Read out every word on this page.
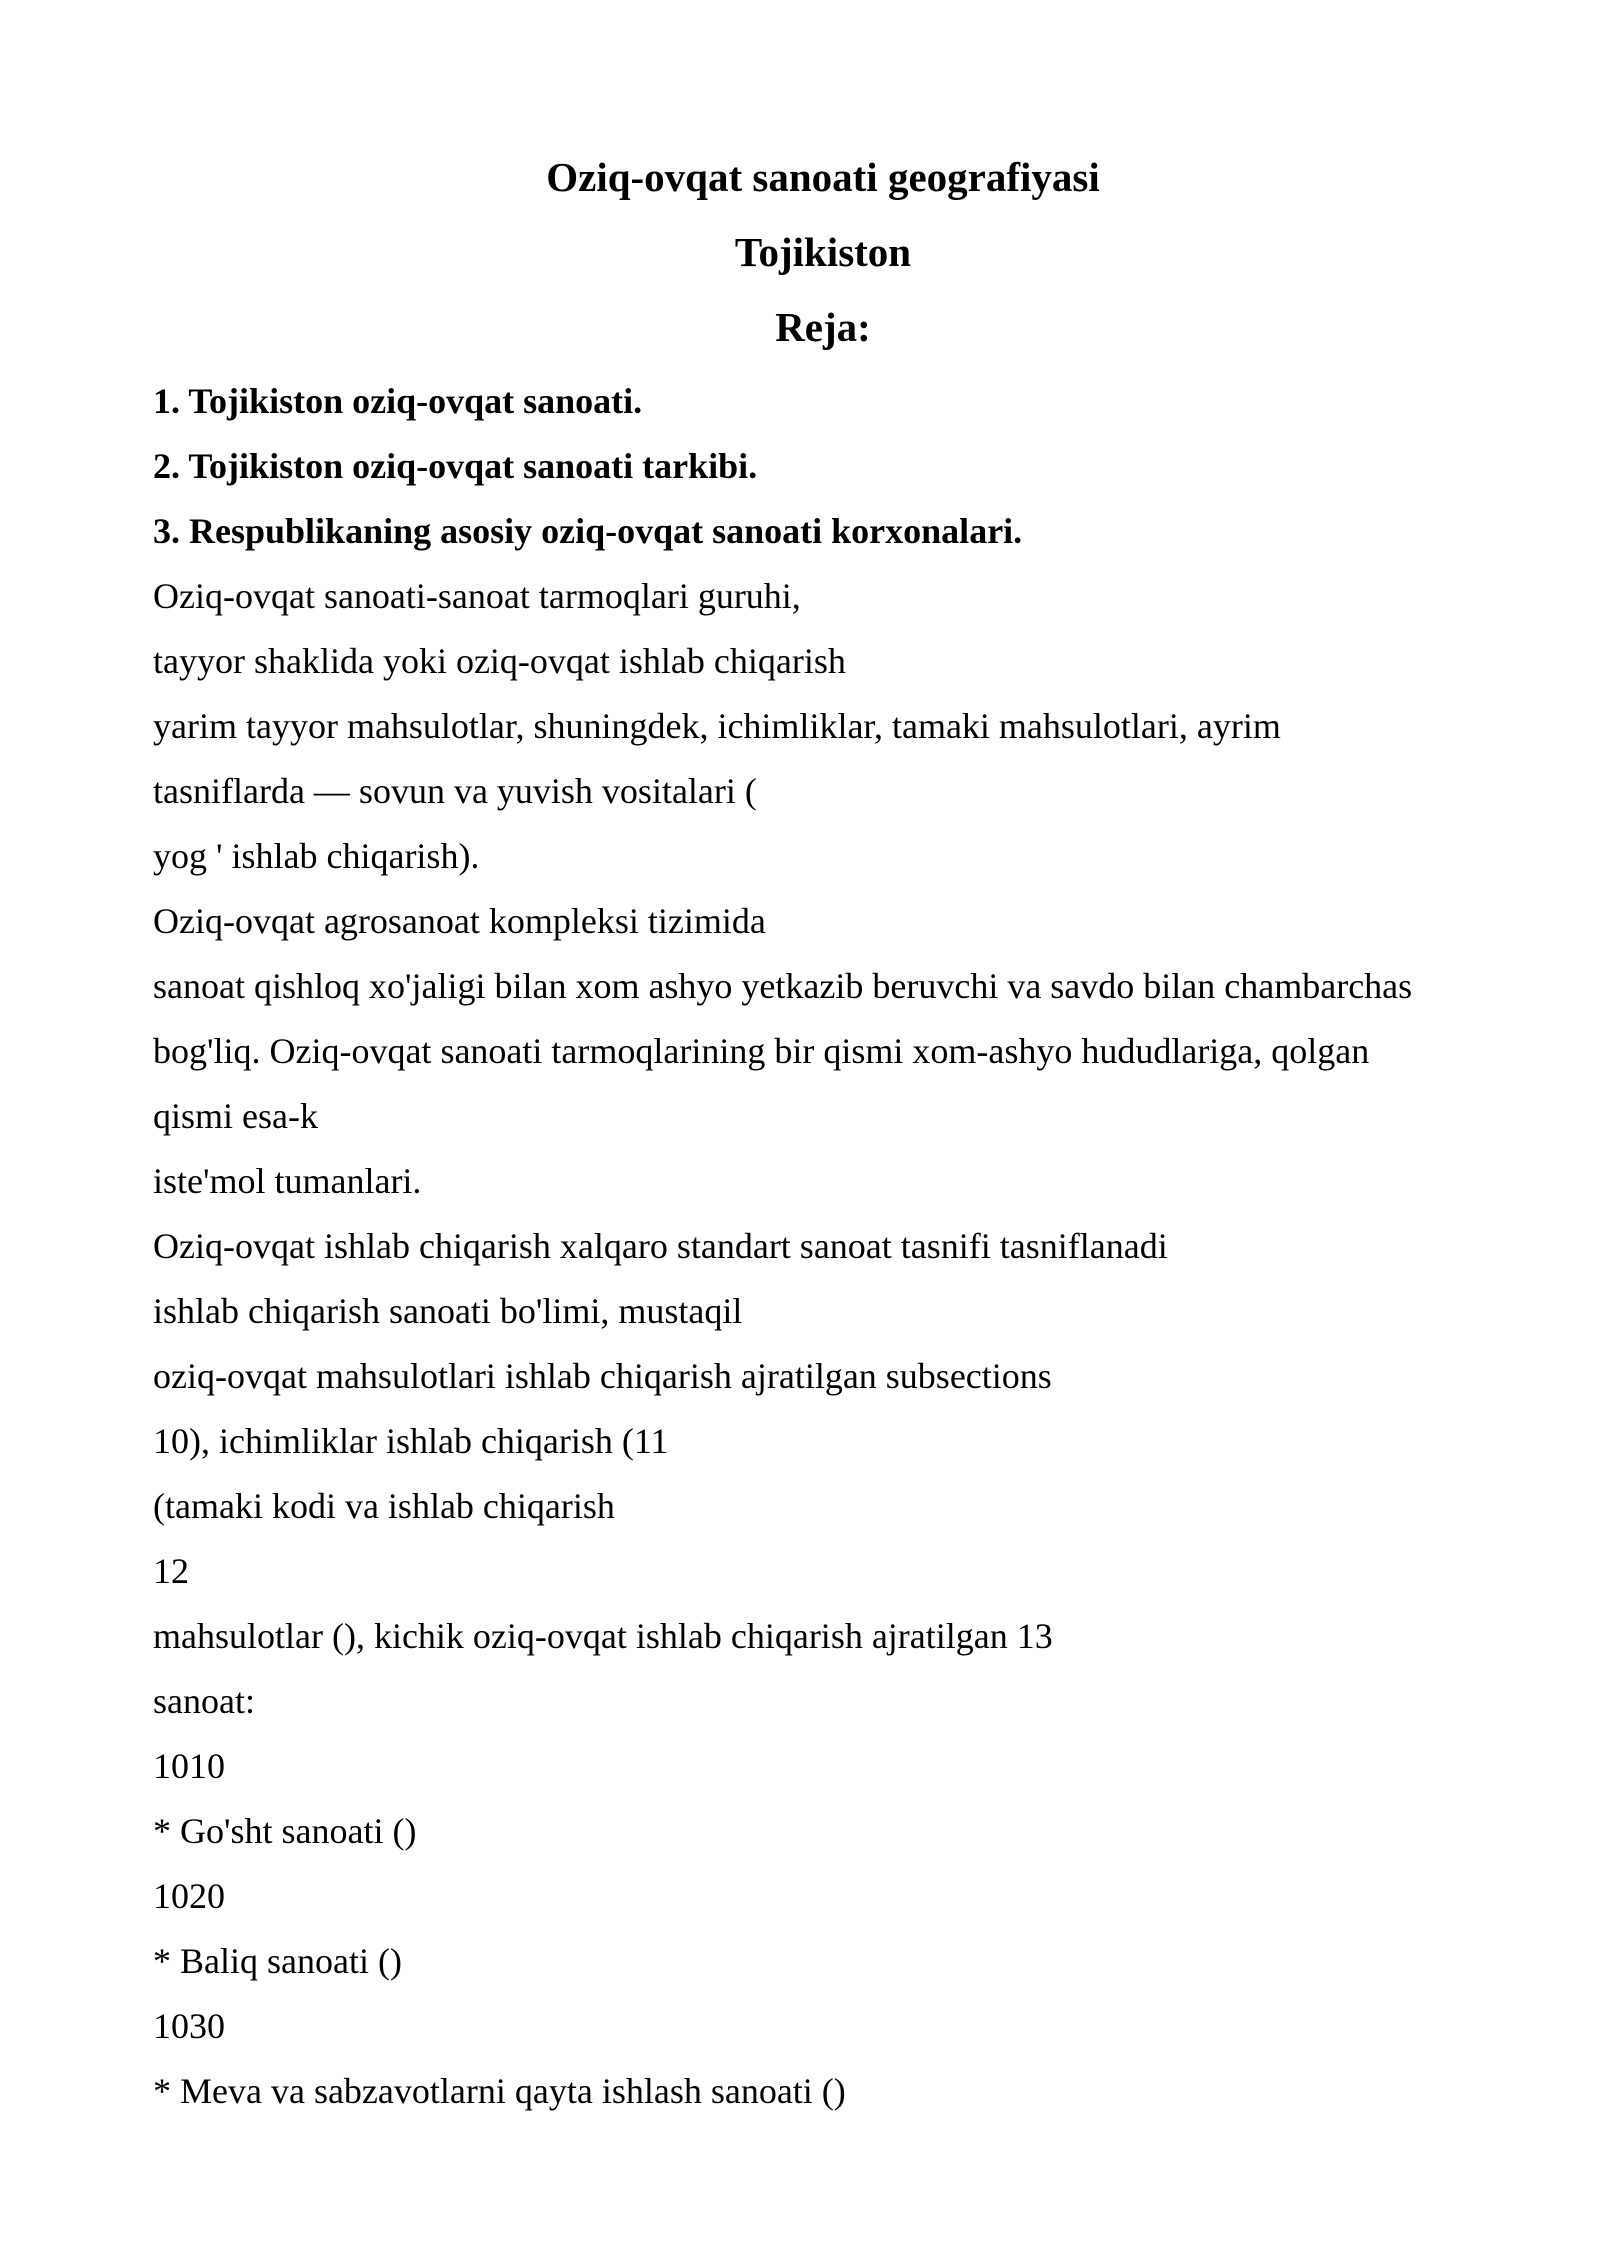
Oziq-ovqat sanoati geografiyasi
Tojikiston
Reja:

1. Tojikiston oziq-ovqat sanoati.

2. Tojikiston oziq-ovqat sanoati tarkibi.

3. Respublikaning asosiy oziq-ovqat sanoati korxonalari.

Oziq-ovqat sanoati-sanoat tarmoqlari guruhi,

tayyor shaklida yoki oziq-ovqat ishlab chiqarish

yarim tayyor mahsulotlar, shuningdek, ichimliklar, tamaki mahsulotlari, ayrim

tasniflarda — sovun va yuvish vositalari (

yog ' ishlab chiqarish).

Oziq-ovqat agrosanoat kompleksi tizimida

sanoat qishloq xo'jaligi bilan xom ashyo yetkazib beruvchi va savdo bilan chambarchas

bog'liq. Oziq-ovqat sanoati tarmoqlarining bir qismi xom-ashyo hududlariga, qolgan

qismi esa-k

iste'mol tumanlari.

Oziq-ovqat ishlab chiqarish xalqaro standart sanoat tasnifi tasniflanadi

ishlab chiqarish sanoati bo'limi, mustaqil

oziq-ovqat mahsulotlari ishlab chiqarish ajratilgan subsections

10), ichimliklar ishlab chiqarish (11

(tamaki kodi va ishlab chiqarish

12

mahsulotlar (), kichik oziq-ovqat ishlab chiqarish ajratilgan 13

sanoat:

1010

* Go'sht sanoati ()

1020

* Baliq sanoati ()

1030

* Meva va sabzavotlarni qayta ishlash sanoati ()
